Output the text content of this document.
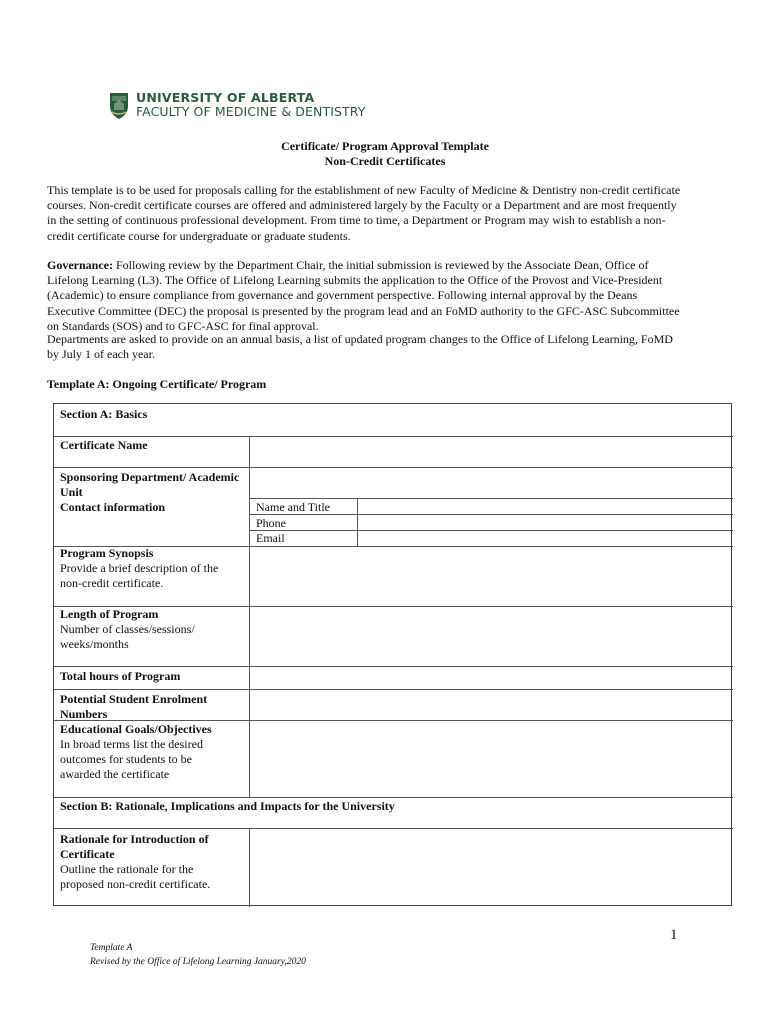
UNIVERSITY OF ALBERTA
FACULTY OF MEDICINE & DENTISTRY
Certificate/ Program Approval Template
Non-Credit Certificates
This template is to be used for proposals calling for the establishment of new Faculty of Medicine & Dentistry non-credit certificate courses. Non-credit certificate courses are offered and administered largely by the Faculty or a Department and are most frequently in the setting of continuous professional development. From time to time, a Department or Program may wish to establish a non-credit certificate course for undergraduate or graduate students.
Governance: Following review by the Department Chair, the initial submission is reviewed by the Associate Dean, Office of Lifelong Learning (L3). The Office of Lifelong Learning submits the application to the Office of the Provost and Vice-President (Academic) to ensure compliance from governance and government perspective. Following internal approval by the Deans Executive Committee (DEC) the proposal is presented by the program lead and an FoMD authority to the GFC-ASC Subcommittee on Standards (SOS) and to GFC-ASC for final approval.
Departments are asked to provide on an annual basis, a list of updated program changes to the Office of Lifelong Learning, FoMD by July 1 of each year.
Template A: Ongoing Certificate/ Program
Section A: Basics
Certificate Name
Sponsoring Department/ Academic Unit
Contact information	Name and Title
Phone
Email
Program Synopsis
Provide a brief description of the non-credit certificate.
Length of Program
Number of classes/sessions/ weeks/months
Total hours of Program
Potential Student Enrolment Numbers
Educational Goals/Objectives
In broad terms list the desired outcomes for students to be awarded the certificate
Section B: Rationale, Implications and Impacts for the University
Rationale for Introduction of Certificate
Outline the rationale for the proposed non-credit certificate.
1
Template A
Revised by the Office of Lifelong Learning January,2020
